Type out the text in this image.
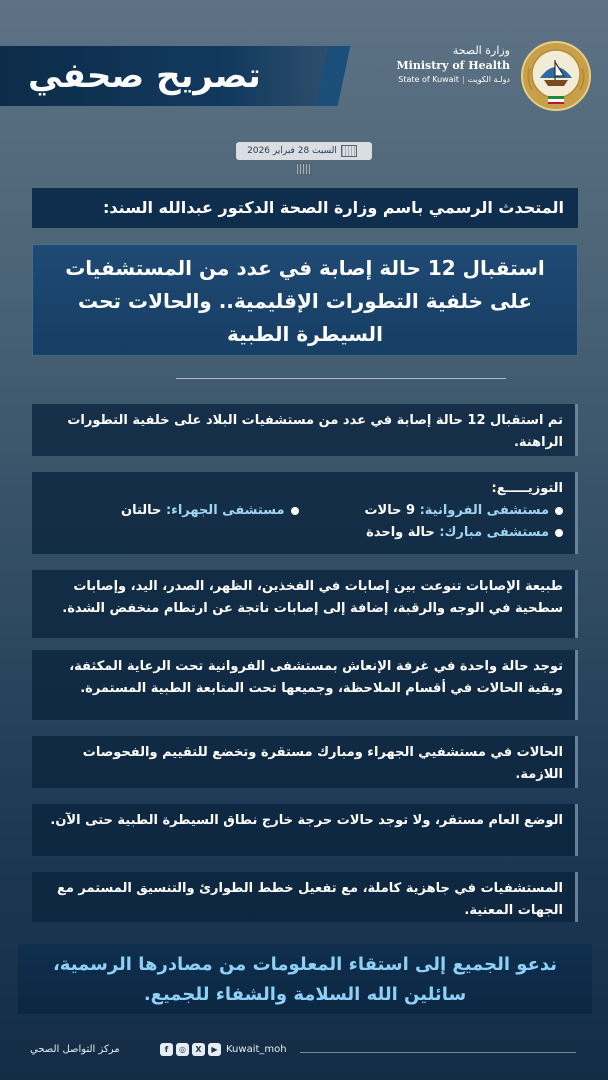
تصريح صحفي
وزارة الصحة
Ministry of Health
State of Kuwait | دولـة الكويت
السبت 28 فبراير 2026
المتحدث الرسمي باسم وزارة الصحة الدكتور عبدالله السند:
استقبال 12 حالة إصابة في عدد من المستشفيات على خلفية التطورات الإقليمية.. والحالات تحت السيطرة الطبية
تم استقبال 12 حالة إصابة في عدد من مستشفيات البلاد على خلفية التطورات الراهنة.
التوزيـــــع:
مستشفى الفروانية: 9 حالات
مستشفى الجهراء: حالتان
مستشفى مبارك: حالة واحدة
طبيعة الإصابات تنوعت بين إصابات في الفخذين، الظهر، الصدر، اليد، وإصابات سطحية في الوجه والرقبة، إضافة إلى إصابات ناتجة عن ارتطام منخفض الشدة.
توجد حالة واحدة في غرفة الإنعاش بمستشفى الفروانية تحت الرعاية المكثفة، وبقية الحالات في أقسام الملاحظة، وجميعها تحت المتابعة الطبية المستمرة.
الحالات في مستشفيي الجهراء ومبارك مستقرة وتخضع للتقييم والفحوصات اللازمة.
الوضع العام مستقر، ولا توجد حالات حرجة خارج نطاق السيطرة الطبية حتى الآن.
المستشفيات في جاهزية كاملة، مع تفعيل خطط الطوارئ والتنسيق المستمر مع الجهات المعنية.
ندعو الجميع إلى استقاء المعلومات من مصادرها الرسمية، سائلين الله السلامة والشفاء للجميع.
مركز التواصل الصحي	f	◎	X	▶ Kuwait_moh
